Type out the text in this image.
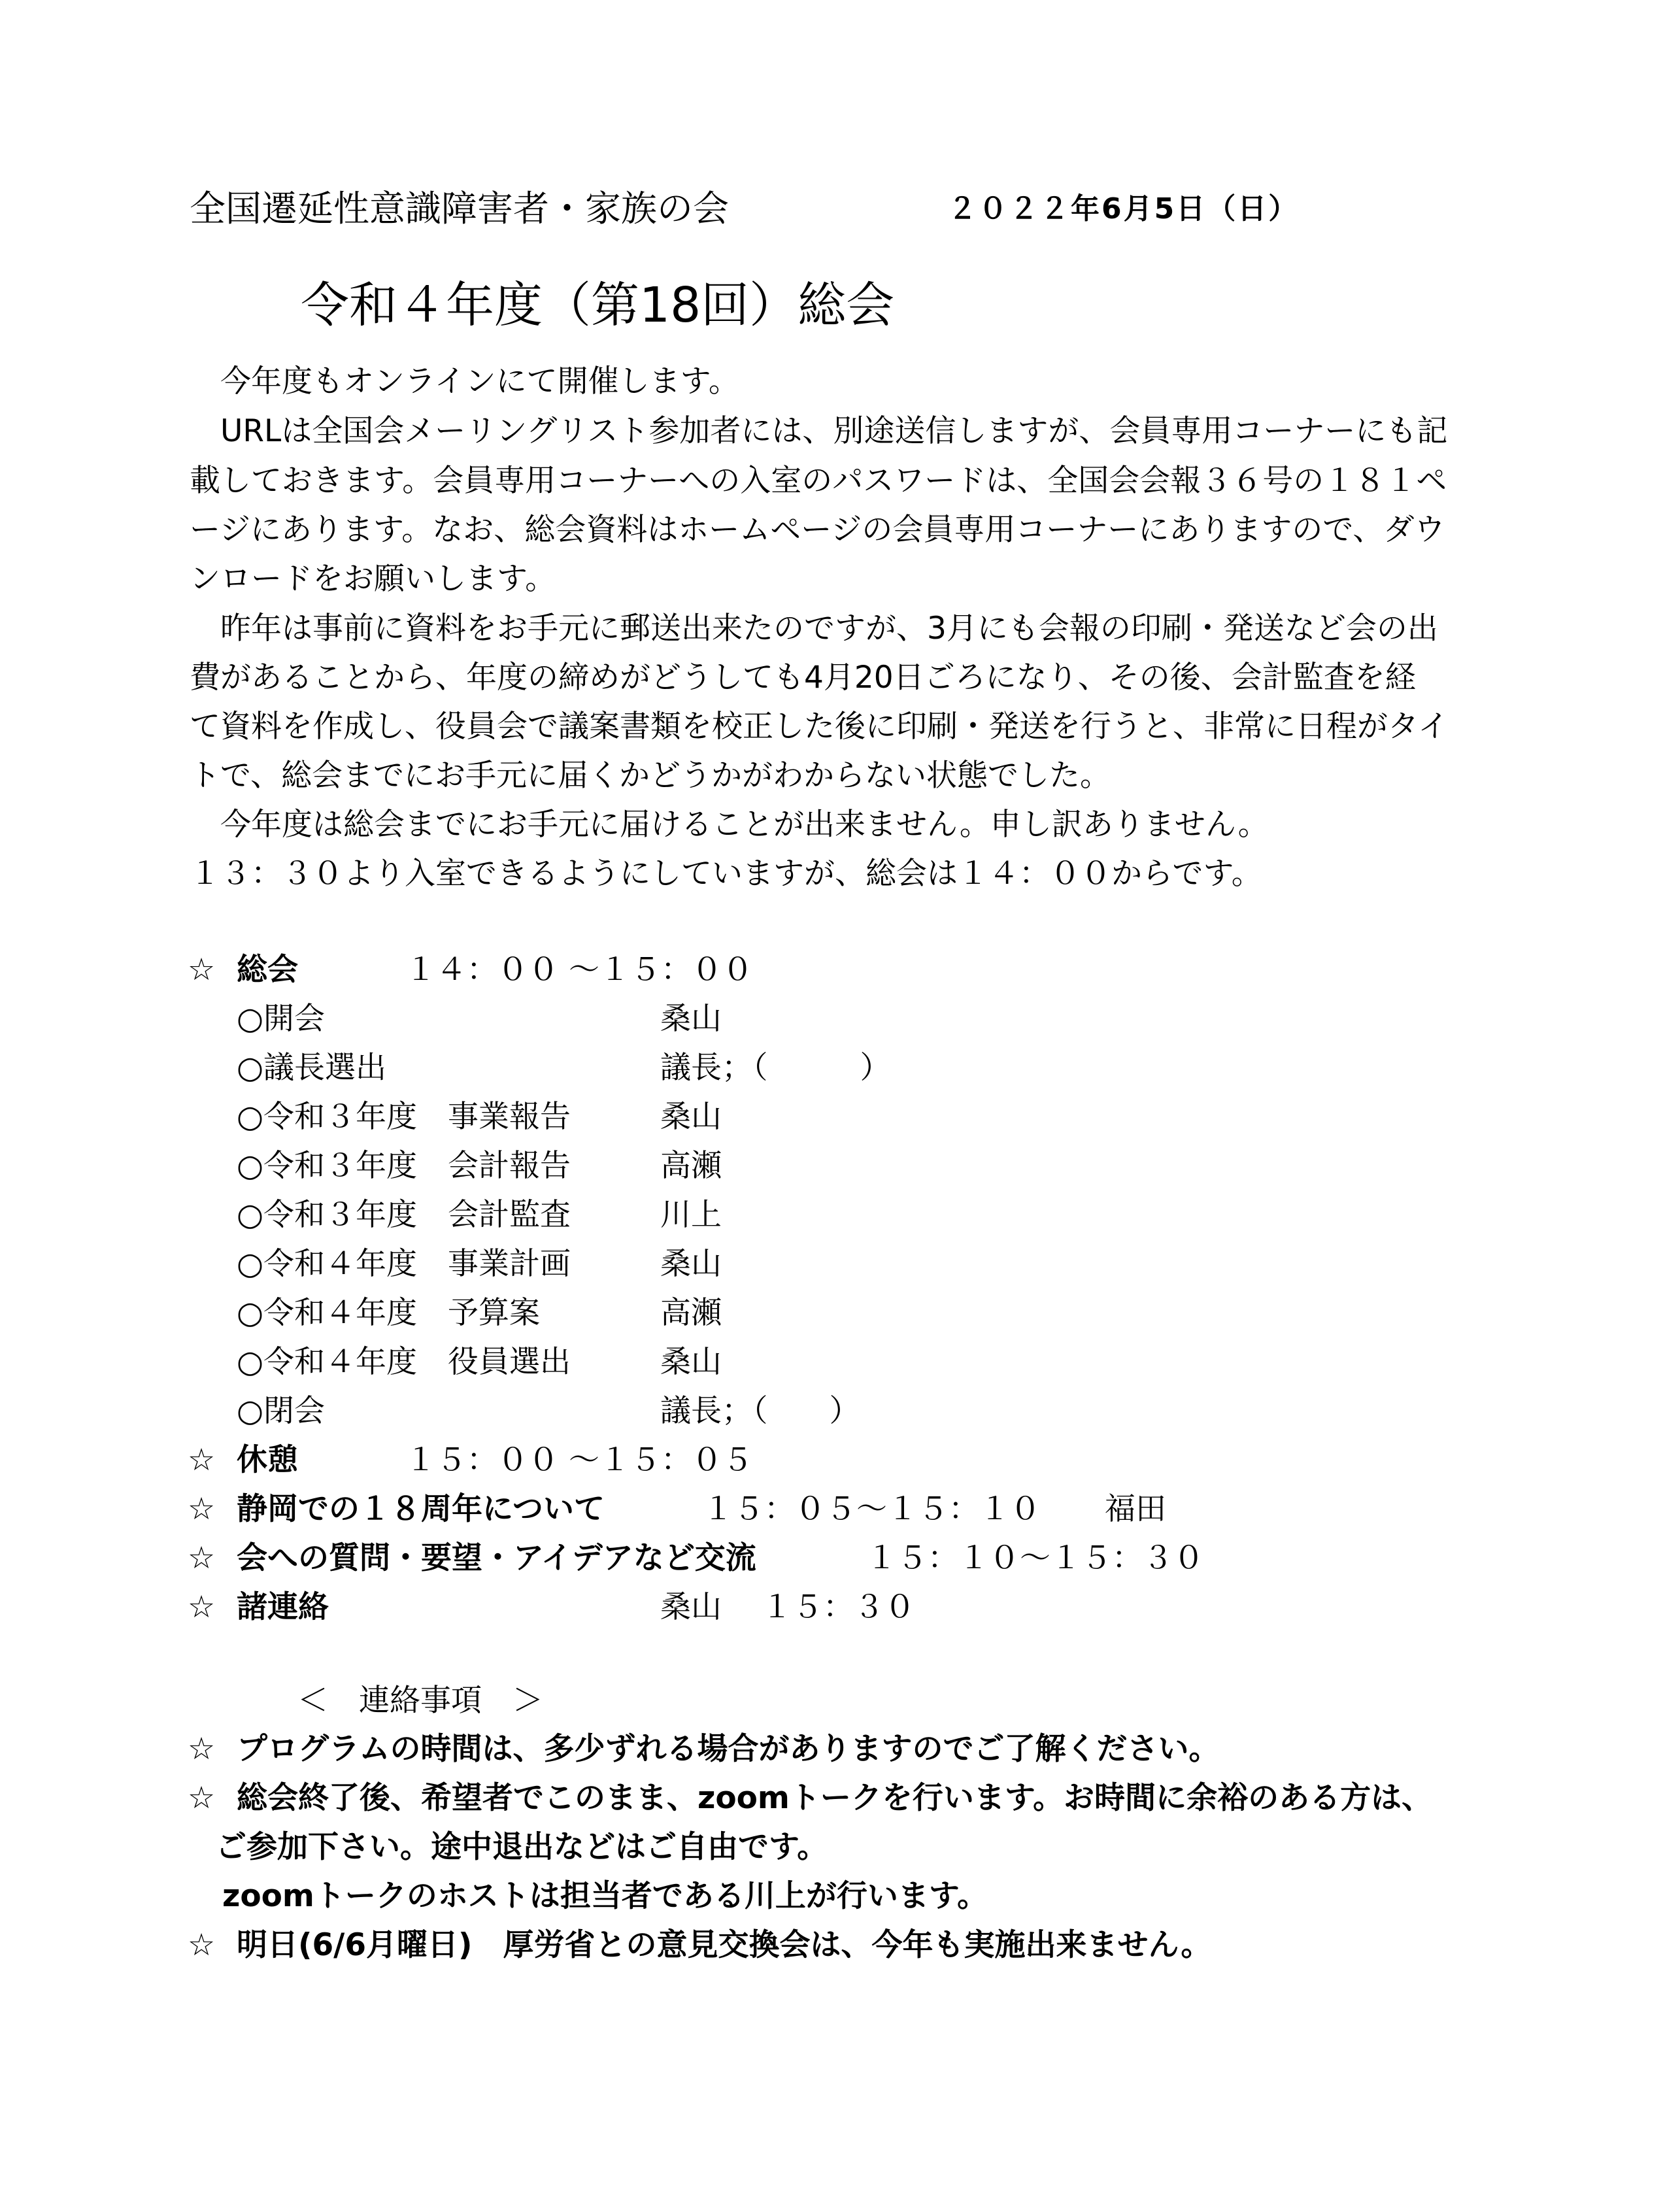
全国遷延性意識障害者・家族の会	２０２２年6月5日（日）
令和４年度（第18回）総会
　今年度もオンラインにて開催します。
　URLは全国会メーリングリスト参加者には、別途送信しますが、会員専用コーナーにも記
載しておきます。会員専用コーナーへの入室のパスワードは、全国会会報３６号の１８１ペ
ージにあります。なお、総会資料はホームページの会員専用コーナーにありますので、ダウ
ンロードをお願いします。
　昨年は事前に資料をお手元に郵送出来たのですが、3月にも会報の印刷・発送など会の出
費があることから、年度の締めがどうしても4月20日ごろになり、その後、会計監査を経
て資料を作成し、役員会で議案書類を校正した後に印刷・発送を行うと、非常に日程がタイ
トで、総会までにお手元に届くかどうかがわからない状態でした。
　今年度は総会までにお手元に届けることが出来ません。申し訳ありません。
１３：３０より入室できるようにしていますが、総会は１４：００からです。
☆ 総会	１４：００ ～１５：００
○開会	桑山
○議長選出	議長；（　　　）
○令和３年度　事業報告	桑山
○令和３年度　会計報告	高瀬
○令和３年度　会計監査	川上
○令和４年度　事業計画	桑山
○令和４年度　予算案	高瀬
○令和４年度　役員選出	桑山
○閉会	議長；（　　）
☆ 休憩	１５：００ ～１５：０５
☆ 静岡での１８周年について	１５：０５～１５：１０ 福田
☆ 会への質問・要望・アイデアなど交流	１５：１０～１５：３０
☆ 諸連絡	桑山 １５：３０
＜　連絡事項　＞
☆ プログラムの時間は、多少ずれる場合がありますのでご了解ください。
☆ 総会終了後、希望者でこのまま、zoomトークを行います。お時間に余裕のある方は、
ご参加下さい。途中退出などはご自由です。
zoomトークのホストは担当者である川上が行います。
☆ 明日(6/6月曜日)　厚労省との意見交換会は、今年も実施出来ません。
